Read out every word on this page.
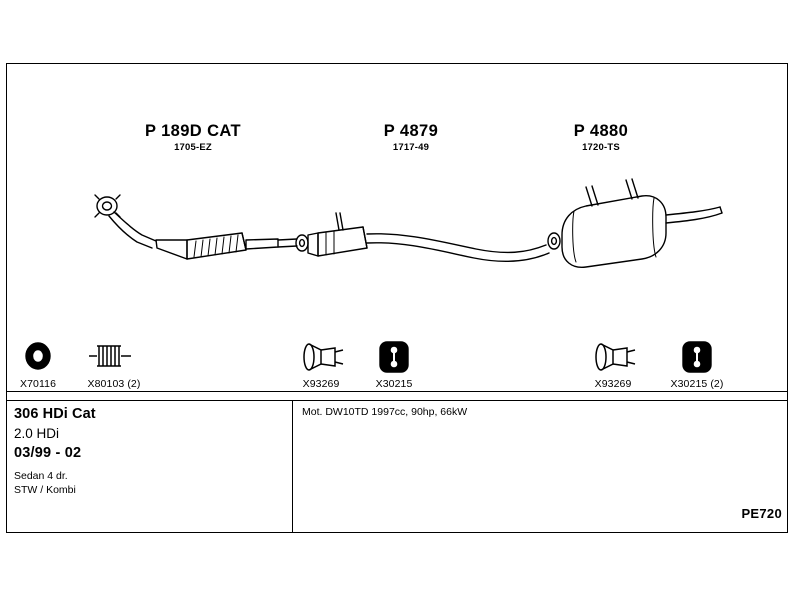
P 189D CAT
1705-EZ
P 4879
1717-49
P 4880
1720-TS
X70116	X80103 (2)	X93269	X30215	X93269	X30215 (2)
306 HDi Cat
2.0 HDi
03/99 - 02
Sedan 4 dr.
STW / Kombi
Mot. DW10TD 1997cc, 90hp, 66kW
PE720
